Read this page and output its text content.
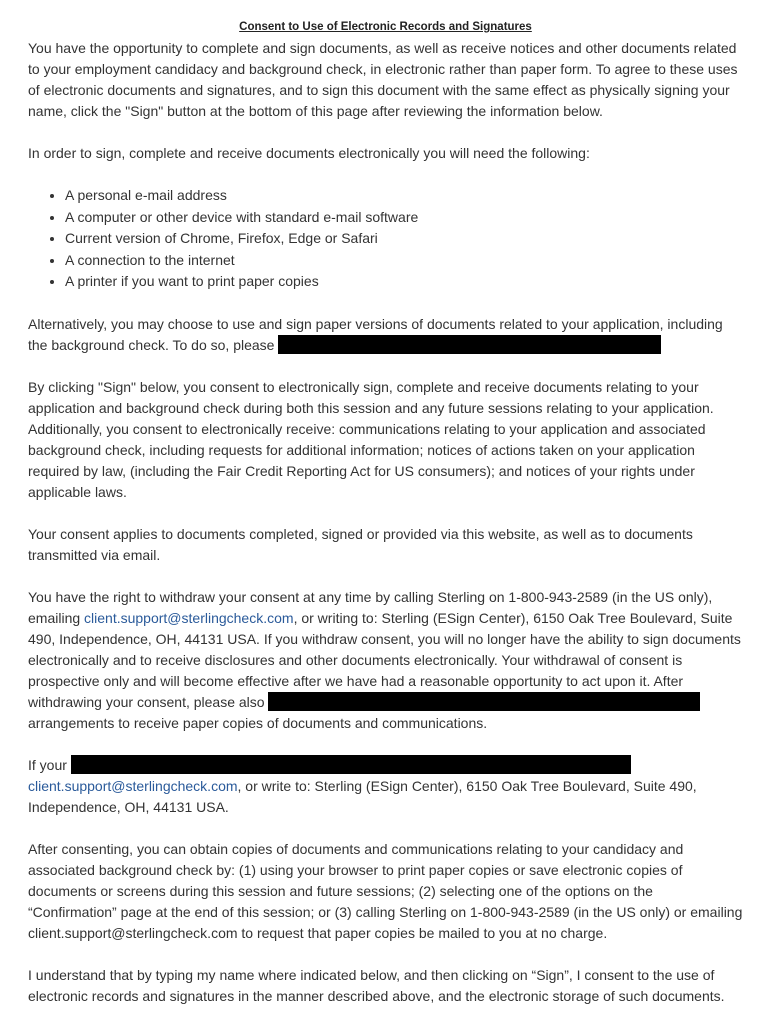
Consent to Use of Electronic Records and Signatures

You have the opportunity to complete and sign documents, as well as receive notices and other documents related to your employment candidacy and background check, in electronic rather than paper form. To agree to these uses of electronic documents and signatures, and to sign this document with the same effect as physically signing your name, click the "Sign" button at the bottom of this page after reviewing the information below.

In order to sign, complete and receive documents electronically you will need the following:

• A personal e-mail address
• A computer or other device with standard e-mail software
• Current version of Chrome, Firefox, Edge or Safari
• A connection to the internet
• A printer if you want to print paper copies

Alternatively, you may choose to use and sign paper versions of documents related to your application, including the background check. To do so, please

By clicking "Sign" below, you consent to electronically sign, complete and receive documents relating to your application and background check during both this session and any future sessions relating to your application. Additionally, you consent to electronically receive: communications relating to your application and associated background check, including requests for additional information; notices of actions taken on your application required by law, (including the Fair Credit Reporting Act for US consumers); and notices of your rights under applicable laws.

Your consent applies to documents completed, signed or provided via this website, as well as to documents transmitted via email.

You have the right to withdraw your consent at any time by calling Sterling on 1-800-943-2589 (in the US only), emailing client.support@sterlingcheck.com, or writing to: Sterling (ESign Center), 6150 Oak Tree Boulevard, Suite 490, Independence, OH, 44131 USA. If you withdraw consent, you will no longer have the ability to sign documents electronically and to receive disclosures and other documents electronically. Your withdrawal of consent is prospective only and will become effective after we have had a reasonable opportunity to act upon it. After withdrawing your consent, please also
arrangements to receive paper copies of documents and communications.

If your
client.support@sterlingcheck.com, or write to: Sterling (ESign Center), 6150 Oak Tree Boulevard, Suite 490, Independence, OH, 44131 USA.

After consenting, you can obtain copies of documents and communications relating to your candidacy and associated background check by: (1) using your browser to print paper copies or save electronic copies of documents or screens during this session and future sessions; (2) selecting one of the options on the “Confirmation” page at the end of this session; or (3) calling Sterling on 1-800-943-2589 (in the US only) or emailing client.support@sterlingcheck.com to request that paper copies be mailed to you at no charge.

I understand that by typing my name where indicated below, and then clicking on “Sign”, I consent to the use of electronic records and signatures in the manner described above, and the electronic storage of such documents.
